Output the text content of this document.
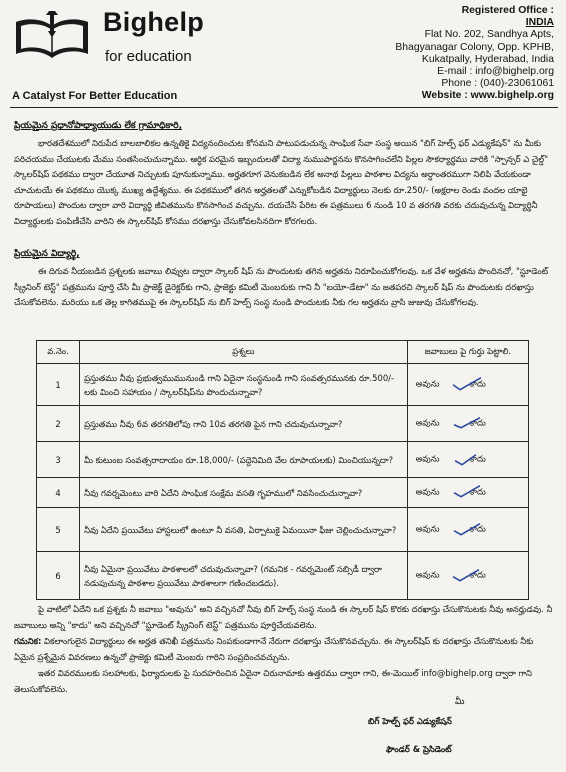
Bighelp
for education
A Catalyst For Better Education
Registered Office :
INDIA
Flat No. 202, Sandhya Apts,
Bhagyanagar Colony, Opp. KPHB,
Kukatpally, Hyderabad, India
E-mail : info@bighelp.org
Phone : (040)-23061061
Website : www.bighelp.org
ప్రియమైన ప్రధానోపాధ్యాయుడు లేక గ్రామాధికారి,
భారతదేశములో నిరుపేద బాలబాలికల ఉన్నతికై విద్యనందించుట కోసమని పాటుపడుచున్న సాంఘిక సేవా సంస్థ అయిన "బిగ్ హెల్ప్ ఫర్ ఎడ్యుకేషన్" ను మీకు పరిచయము చేయుటకు మేము సంతసించుచున్నాము. ఆర్ధిక పరమైన ఇబ్బందులతో విద్యా నుముపార్జనను కొనసాగించలేని పిల్లల సౌకర్యార్థము వారికి "స్పాన్సర్ ఎ చైల్డ్" స్కాలర్‌షిప్ పథకము ద్వారా చేయూత నిచ్చుటకు పూనుకున్నాము. అర్హతగూగ వెనుకబడిన లేక అనాథ పిల్లలు పాఠశాల విద్యను అర్ధాంతరముగా నిలిపి వేయకుండా చూచుటయే ఈ పథకము యొక్క ముఖ్య ఉద్దేశ్యము. ఈ పథకములో తగిన అర్హతలతో ఎన్నుకోబడిన విద్యార్థులు నెలకు రూ.250/- (అక్షరాల రెండు వందల యాభై రూపాయలు) పొందుట ద్వారా వారి విద్యార్థి జీవితమును కొనసాగించ వచ్చును. దయచేసి పేరిట ఈ పత్రములు 6 నుండి 10 వ తరగతి వరకు చదువుచున్న విద్యార్థినీ విద్యార్థులకు పంపిణీచేసి వారిని ఈ స్కాలర్‌షిప్ కోసము దరఖాస్తు చేసుకోవలసినదిగా కోరగలరు.
ప్రియమైన విద్యార్థి,
ఈ దిగువ నీయబడిన ప్రశ్నలకు జవాబు లివ్వుట ద్వారా స్కాలర్ షిప్ ను పొందుటకు తగిన అర్హతను నిరూపించుకోగలవు. ఒక వేళ అర్హతను పొందినచో, "స్టూడెంట్ స్క్రీనింగ్ టెస్ట్" పత్రమును పూర్తి చేసి మీ ప్రాజెక్ట్ డైరెక్టర్‌కు గాని, ప్రాజెక్టు కమిటీ మెంబరుకు గాని నీ "బయో-డేటా" ను జతపరచి స్కాలర్ షిప్ ను పొందుటకు దరఖాస్తు చేసుకోవలెను. మరియు ఒక తెల్ల కాగితముపై ఈ స్కాలర్‌షిప్ ను బిగ్ హెల్ప్ సంస్థ నుండి పొందుటకు నీకు గల అర్హతను వ్రాసి జుజువు చేసుకోగలవు.
వ.నెం.	ప్రశ్నలు	జవాబులు పై గుర్తు పెట్టాలి.
1	ప్రస్తుతము నీవు ప్రభుత్వముమునుండి గాని ఏదైనా సంస్థనుండి గాని సంవత్సరమునకు రూ.500/- లకు మించి సహాయం / స్కాలర్‌షిప్‌ను పొందుచున్నావా?	అవును కాదు

2	ప్రస్తుతము నీవు 6వ తరగతిలోపు గాని 10వ తరగతి పైన గాని చదువుచున్నావా?	అవును కాదు

3	మీ కుటుంబ సంవత్సరాదాయం రూ.18,000/- (పద్దెనిమిది వేల రూపాయలకు) మించియున్నదా?	అవును కాదు

4	నీవు గవర్నమెంటు వారి ఏదేని సాంఘిక సంక్షేమ వసతి గృహములో నివసించుచున్నావా?	అవును కాదు

5	నీవు ఏదేని ప్రయివేటు హాస్టలులో ఉంటూ నీ వసతి, ఏర్పాటుకై ఏమయినా ఫీజు చెల్లించుచున్నావా?	అవును కాదు

6	నీవు ఏమైనా ప్రయివేటు పాఠశాలలో చదువుచున్నావా? (గమనిక - గవర్నమెంట్ సబ్సిడీ ద్వారా నడుపుచున్న పాఠశాల ప్రయివేటు పాఠశాలగా గణించబడదు).	అవును కాదు
పై వాటిలో ఏదేని ఒక ప్రశ్నకు నీ జవాబు "అవును" అని వచ్చినచో నీవు బిగ్ హెల్ప్ సంస్థ నుండి ఈ స్కాలర్ షిప్ కొరకు దరఖాస్తు చేసుకొనుటకు నీవు అనర్హుడవు. నీ జవాబులు అన్ని "కాదు" అని వచ్చినచో "స్టూడెంట్ స్క్రీనింగ్ టెస్ట్" పత్రమును పూర్తిచేయవలెను.
గమనిక: వికలాంగులైన విద్యార్థులు ఈ అర్హత తనిఖీ పత్రమును నింపకుండాగానే నేరుగా దరఖాస్తు చేసుకొనవచ్చును. ఈ స్కాలర్‌షిప్ కు దరఖాస్తు చేసుకొనుటకు నీకు ఏమైన ప్రశ్నేమైన వివరణలు ఉన్నచో ప్రాజెక్టు కమిటీ మెంబరు గారిని సంప్రదించవచ్చును.
ఇతర వివరములకు సలహాలకు, ఫిర్యాదులకు పై సుదహరించిన ఏదైనా చిరునామాకు ఉత్తరము ద్వారా గాని, ఈ-మెయిల్ info@bighelp.org ద్వారా గాని తెలుసుకోవలెను.
మీ
బిగ్ హెల్ప్ ఫర్ ఎడ్యుకేషన్
ఫౌండర్ & ప్రెసిడెంట్
